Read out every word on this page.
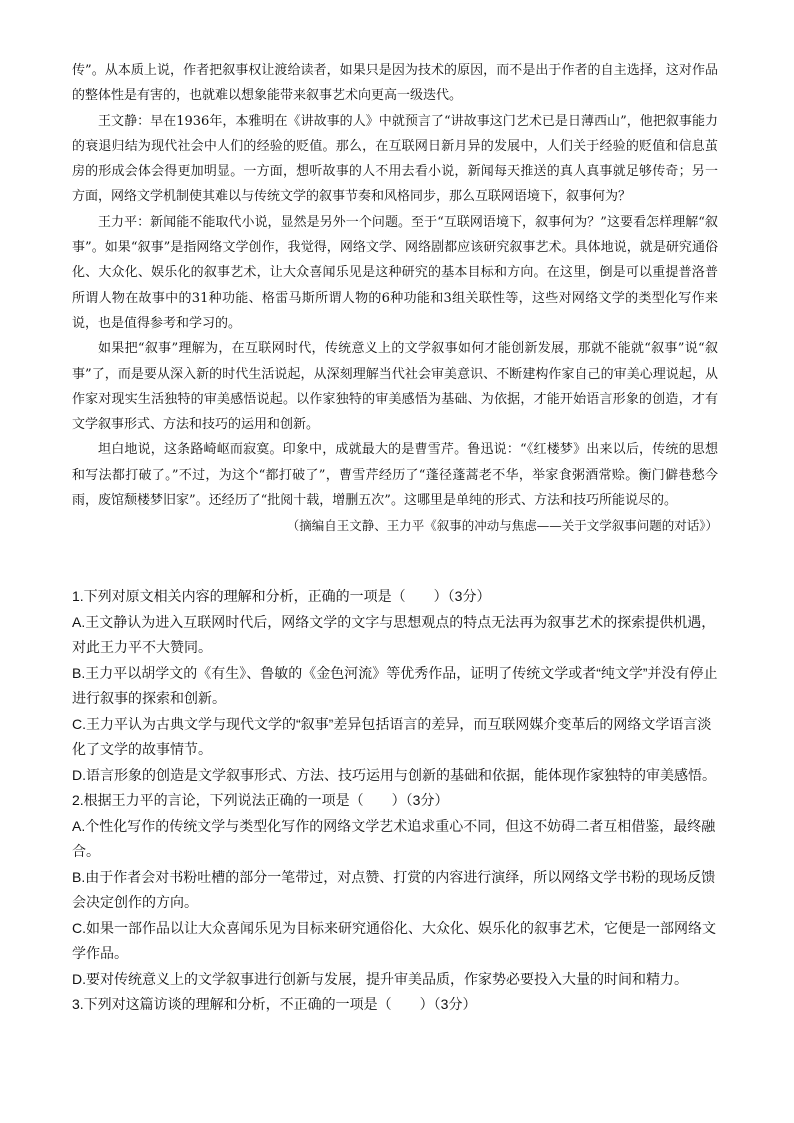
传”。从本质上说，作者把叙事权让渡给读者，如果只是因为技术的原因，而不是出于作者的自主选择，这对作品的整体性是有害的，也就难以想象能带来叙事艺术向更高一级迭代。

王文静：早在1936年，本雅明在《讲故事的人》中就预言了“讲故事这门艺术已是日薄西山”，他把叙事能力的衰退归结为现代社会中人们的经验的贬值。那么，在互联网日新月异的发展中，人们关于经验的贬值和信息茧房的形成会体会得更加明显。一方面，想听故事的人不用去看小说，新闻每天推送的真人真事就足够传奇；另一方面，网络文学机制使其难以与传统文学的叙事节奏和风格同步，那么互联网语境下，叙事何为？

王力平：新闻能不能取代小说，显然是另外一个问题。至于“互联网语境下，叙事何为？”这要看怎样理解“叙事”。如果“叙事”是指网络文学创作，我觉得，网络文学、网络剧都应该研究叙事艺术。具体地说，就是研究通俗化、大众化、娱乐化的叙事艺术，让大众喜闻乐见是这种研究的基本目标和方向。在这里，倒是可以重提普洛普所谓人物在故事中的31种功能、格雷马斯所谓人物的6种功能和3组关联性等，这些对网络文学的类型化写作来说，也是值得参考和学习的。

如果把“叙事”理解为，在互联网时代，传统意义上的文学叙事如何才能创新发展，那就不能就“叙事”说“叙事”了，而是要从深入新的时代生活说起，从深刻理解当代社会审美意识、不断建构作家自己的审美心理说起，从作家对现实生活独特的审美感悟说起。以作家独特的审美感悟为基础、为依据，才能开始语言形象的创造，才有文学叙事形式、方法和技巧的运用和创新。

坦白地说，这条路崎岖而寂寞。印象中，成就最大的是曹雪芹。鲁迅说：“《红楼梦》出来以后，传统的思想和写法都打破了。”不过，为这个“都打破了”，曹雪芹经历了“蓬径蓬蒿老不华，举家食粥酒常赊。衡门僻巷愁今雨，废馆颓楼梦旧家”。还经历了“批阅十载，增删五次”。这哪里是单纯的形式、方法和技巧所能说尽的。

（摘编自王文静、王力平《叙事的冲动与焦虑——关于文学叙事问题的对话》）

1.下列对原文相关内容的理解和分析，正确的一项是（　　）（3分）

A.王文静认为进入互联网时代后，网络文学的文字与思想观点的特点无法再为叙事艺术的探索提供机遇，对此王力平不大赞同。

B.王力平以胡学文的《有生》、鲁敏的《金色河流》等优秀作品，证明了传统文学或者“纯文学”并没有停止进行叙事的探索和创新。

C.王力平认为古典文学与现代文学的“叙事”差异包括语言的差异，而互联网媒介变革后的网络文学语言淡化了文学的故事情节。

D.语言形象的创造是文学叙事形式、方法、技巧运用与创新的基础和依据，能体现作家独特的审美感悟。

2.根据王力平的言论，下列说法正确的一项是（　　）（3分）

A.个性化写作的传统文学与类型化写作的网络文学艺术追求重心不同，但这不妨碍二者互相借鉴，最终融合。

B.由于作者会对书粉吐槽的部分一笔带过，对点赞、打赏的内容进行演绎，所以网络文学书粉的现场反馈会决定创作的方向。

C.如果一部作品以让大众喜闻乐见为目标来研究通俗化、大众化、娱乐化的叙事艺术，它便是一部网络文学作品。

D.要对传统意义上的文学叙事进行创新与发展，提升审美品质，作家势必要投入大量的时间和精力。

3.下列对这篇访谈的理解和分析，不正确的一项是（　　）（3分）
